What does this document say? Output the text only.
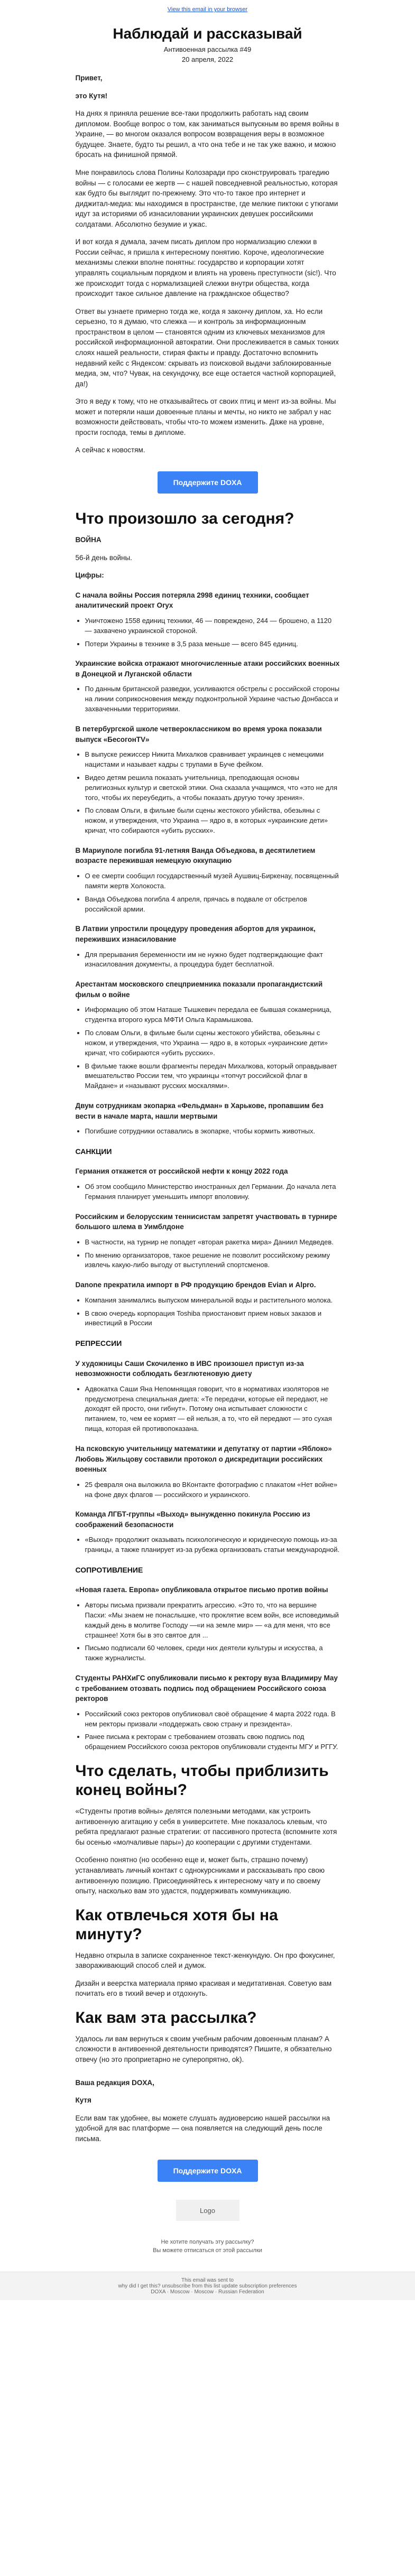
View this email in your browser
Наблюдай и рассказывай
Антивоенная рассылка #49
20 апреля, 2022

Привет,

это Кутя!

На днях я приняла решение все-таки продолжить работать над своим дипломом. Вообще вопрос о том, как заниматься выпускным во время войны в Украине, — во многом оказался вопросом возвращения веры в возможное будущее. Знаете, будто ты решил, а что она тебе и не так уже важно, и можно бросать на финишной прямой.

Мне понравилось слова Полины Колозаради про сконструировать трагедию войны — с голосами ее жертв — с нашей повседневной реальностью, которая как будто бы выглядит по-прежнему. Это что-то такое про интернет и диджитал-медиа: мы находимся в пространстве, где мелкие пиктоки с утюгами идут за историями об изнасиловании украинских девушек российскими солдатами. Абсолютно безумие и ужас.

И вот когда я думала, зачем писать диплом про нормализацию слежки в России сейчас, я пришла к интересному понятию. Короче, идеологические механизмы слежки вполне понятны: государство и корпорации хотят управлять социальным порядком и влиять на уровень преступности (sic!). Что же происходит тогда с нормализацией слежки внутри общества, когда происходит такое сильное давление на гражданское общество?

Ответ вы узнаете примерно тогда же, когда я закончу диплом, ха. Но если серьезно, то я думаю, что слежка — и контроль за информационным пространством в целом — становятся одним из ключевых механизмов для российской информационной автократии. Они прослеживается в самых тонких слоях нашей реальности, стирая факты и правду. Достаточно вспомнить недавний кейс с Яндексом: скрывать из поисковой выдачи заблокированные медиа, эм, что? Чувак, на секундочку, все еще остается частной корпорацией, да!)

Это я веду к тому, что не отказывайтесь от своих птиц и мент из-за войны. Мы может и потеряли наши довоенные планы и мечты, но никто не забрал у нас возможности действовать, чтобы что-то можем изменить. Даже на уровне, прости господа, темы в дипломе.

А сейчас к новостям.

Поддержите DOXA
Что произошло за сегодня?

ВОЙНА

56-й день войны.

Цифры:

С начала войны Россия потеряла 2998 единиц техники, сообщает аналитический проект Oryx
• Уничтожено 1558 единиц техники, 46 — повреждено, 244 — брошено, а 1120 — захвачено украинской стороной.
• Потери Украины в технике в 3,5 раза меньше — всего 845 единиц.
Украинские войска отражают многочисленные атаки российских военных в Донецкой и Луганской области
• По данным британской разведки, усиливаются обстрелы с российской стороны на линии соприкосновения между подконтрольной Украине частью Донбасса и захваченными территориями.
В петербургской школе четвероклассником во время урока показали выпуск «БесогонTV»
• В выпуске режиссер Никита Михалков сравнивает украинцев с немецкими нацистами и называет кадры с трупами в Буче фейком.
• Видео детям решила показать учительница, преподающая основы религиозных культур и светской этики. Она сказала учащимся, что «это не для того, чтобы их переубедить, а чтобы показать другую точку зрения».
• По словам Ольги, в фильме были сцены жестокого убийства, обезьяны с ножом, и утверждения, что Украина — ядро в, в которых «украинские дети» кричат, что собираются «убить русских».
В Мариуполе погибла 91-летняя Ванда Объедкова, в десятилетием возрасте пережившая немецкую оккупацию
• О ее смерти сообщил государственный музей Аушвиц-Биркенау, посвященный памяти жертв Холокоста.
• Ванда Объедкова погибла 4 апреля, прячась в подвале от обстрелов российской армии.
В Латвии упростили процедуру проведения абортов для украинок, переживших изнасилование
• Для прерывания беременности им не нужно будет подтверждающие факт изнасилования документы, а процедура будет бесплатной.
Арестантам московского спецприемника показали пропагандистский фильм о войне
• Информацию об этом Наташе Тышкевич передала ее бывшая сокамерница, студентка второго курса МФТИ Ольга Карамышкова.
• По словам Ольги, в фильме были сцены жестокого убийства, обезьяны с ножом, и утверждения, что Украина — ядро в, в которых «украинские дети» кричат, что собираются «убить русских».
• В фильме также вошли фрагменты передач Михалкова, который оправдывает вмешательство России тем, что украинцы «топчут российской флаг в Майдане» и «называют русских москалями».
Двум сотрудникам экопарка «Фельдман» в Харькове, пропавшим без вести в начале марта, нашли мертвыми
• Погибшие сотрудники оставались в экопарке, чтобы кормить животных.
САНКЦИИ
Германия откажется от российской нефти к концу 2022 года
• Об этом сообщило Министерство иностранных дел Германии. До начала лета Германия планирует уменьшить импорт вполовину.
Российским и белорусским теннисистам запретят участвовать в турнире большого шлема в Уимблдоне
• В частности, на турнир не попадет «вторая ракетка мира» Даниил Медведев.
• По мнению организаторов, такое решение не позволит российскому режиму извлечь какую-либо выгоду от выступлений спортсменов.
Danone прекратила импорт в РФ продукцию брендов Evian и Alpro.
• Компания занимались выпуском минеральной воды и растительного молока.
• В свою очередь корпорация Toshiba приостановит прием новых заказов и инвестиций в России
РЕПРЕССИИ
У художницы Саши Скочиленко в ИВС произошел приступ из-за невозможности соблюдать безглютеновую диету
• Адвокатка Саши Яна Непомнящая говорит, что в нормативах изоляторов не предусмотрена специальная диета: «Те передачи, которые ей передают, не доходят ей просто, они гибнут». Потому она испытывает сложности с питанием, то, чем ее кормят — ей нельзя, а то, что ей передают — это сухая пища, которая ей противопоказана.
На псковскую учительницу математики и депутатку от партии «Яблоко» Любовь Жильцову составили протокол о дискредитации российских военных
• 25 февраля она выложила во ВКонтакте фотографию с плакатом «Нет войне» на фоне двух флагов — российского и украинского.
Команда ЛГБТ-группы «Выход» вынужденно покинула Россию из соображений безопасности
• «Выход» продолжит оказывать психологическую и юридическую помощь из-за границы, а также планирует из-за рубежа организовать статьи международной.
СОПРОТИВЛЕНИЕ
«Новая газета. Европа» опубликовала открытое письмо против войны
• Авторы письма призвали прекратить агрессию. «Это то, что на вершине Пасхи: «Мы знаем не понаслышке, что проклятие всем войн, все исповедимый каждый день в молитве Господу —«и на земле мир» — «а для меня, что все страшнее! Хотя бы в это святое для ...
• Письмо подписали 60 человек, среди них деятели культуры и искусства, а также журналисты.
Студенты РАНХиГС опубликовали письмо к ректору вуза Владимиру Мау с требованием отозвать подпись под обращением Российского союза ректоров
• Российский союз ректоров опубликовал своё обращение 4 марта 2022 года. В нем ректоры призвали «поддержать свою страну и президента».
• Ранее письма к ректорам с требованием отозвать свою подпись под обращением Российского союза ректоров опубликовали студенты МГУ и РГГУ.
Что сделать, чтобы приблизить конец войны?

«Студенты против войны» делятся полезными методами, как устроить антивоенную агитацию у себя в университете. Мне показалось клевым, что ребята предлагают разные стратегии: от пассивного протеста (вспомните хотя бы осенью «молчаливые пары») до кооперации с другими студентами.

Особенно понятно (но особенно еще и, может быть, страшно почему) устанавливать личный контакт с однокурсниками и рассказывать про свою антивоенную позицию. Присоединяйтесь к интересному чату и по своему опыту, насколько вам это удастся, поддерживать коммуникацию.

Как отвлечься хотя бы на минуту?

Недавно открыла в записке сохраненное текст-женкундую. Он про фокусинег, завораживающий способ слей и думок.

Дизайн и веерстка материала прямо красивая и медитативная. Советую вам почитать его в тихий вечер и отдохнуть.

Как вам эта рассылка?

Удалось ли вам вернуться к своим учебным рабочим довоенным планам? А сложности в антивоенной деятельности приводятся? Пишите, я обязательно отвечу (но это проприетарно не суперопрятно, ok).

Ваша редакция DOXA,

Кутя

Если вам так удобнее, вы можете слушать аудиоверсию нашей рассылки на удобной для вас платформе — она появляется на следующий день после письма.

Поддержите DOXA
Logo
Не хотите получать эту рассылку?
Вы можете отписаться от этой рассылки
This email was sent to
why did I get this? unsubscribe from this list update subscription preferences
DOXA · Moscow · Moscow · Russian Federation
